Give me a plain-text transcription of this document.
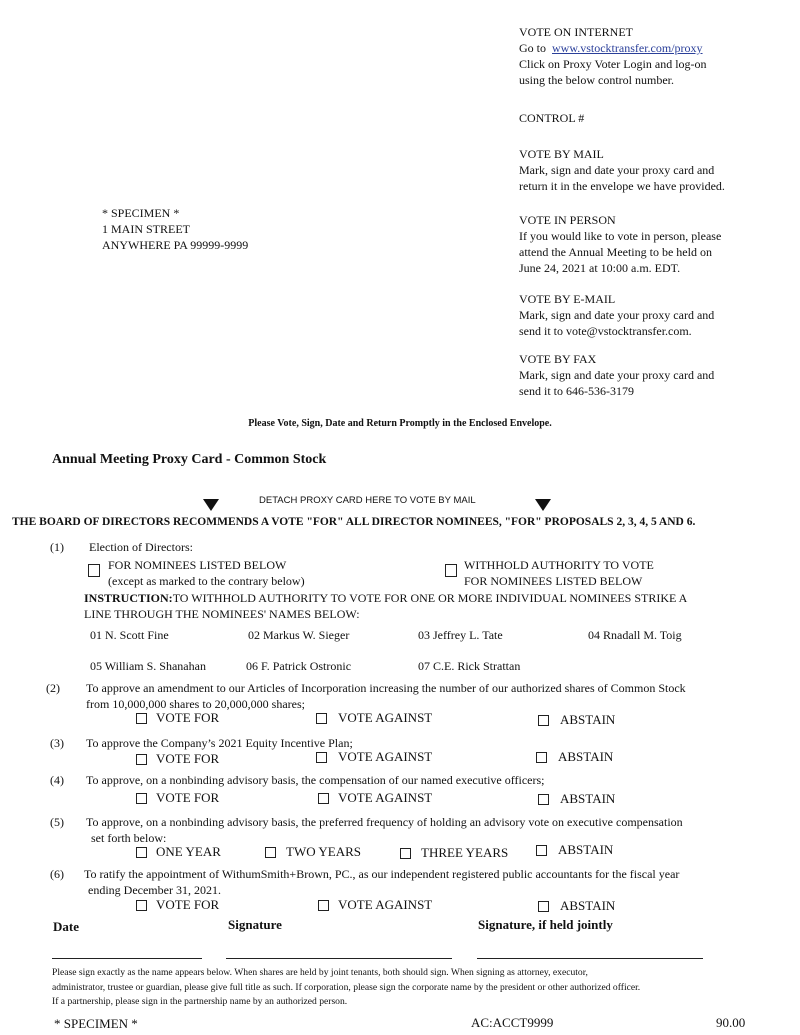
VOTE ON INTERNET
Go to www.vstocktransfer.com/proxy
Click on Proxy Voter Login and log-on
using the below control number.
CONTROL #
VOTE BY MAIL
Mark, sign and date your proxy card and
return it in the envelope we have provided.
VOTE IN PERSON
If you would like to vote in person, please
attend the Annual Meeting to be held on
June 24, 2021 at 10:00 a.m. EDT.
VOTE BY E-MAIL
Mark, sign and date your proxy card and
send it to vote@vstocktransfer.com.
VOTE BY FAX
Mark, sign and date your proxy card and
send it to 646-536-3179
* SPECIMEN *
1 MAIN STREET
ANYWHERE PA 99999-9999
Please Vote, Sign, Date and Return Promptly in the Enclosed Envelope.
Annual Meeting Proxy Card - Common Stock
DETACH PROXY CARD HERE TO VOTE BY MAIL
THE BOARD OF DIRECTORS RECOMMENDS A VOTE "FOR" ALL DIRECTOR NOMINEES, "FOR" PROPOSALS 2, 3, 4, 5 AND 6.
(1) Election of Directors:
FOR NOMINEES LISTED BELOW
(except as marked to the contrary below)
WITHHOLD AUTHORITY TO VOTE
FOR NOMINEES LISTED BELOW
INSTRUCTION:TO WITHHOLD AUTHORITY TO VOTE FOR ONE OR MORE INDIVIDUAL NOMINEES STRIKE A
LINE THROUGH THE NOMINEES' NAMES BELOW:
01 N. Scott Fine	02 Markus W. Sieger	03 Jeffrey L. Tate	04 Rnadall M. Toig
05 William S. Shanahan	06 F. Patrick Ostronic	07 C.E. Rick Strattan
(2) To approve an amendment to our Articles of Incorporation increasing the number of our authorized shares of Common Stock
from 10,000,000 shares to 20,000,000 shares;
VOTE FOR	VOTE AGAINST	ABSTAIN
(3) To approve the Company’s 2021 Equity Incentive Plan;
VOTE FOR	VOTE AGAINST	ABSTAIN
(4) To approve, on a nonbinding advisory basis, the compensation of our named executive officers;
VOTE FOR	VOTE AGAINST	ABSTAIN
(5) To approve, on a nonbinding advisory basis, the preferred frequency of holding an advisory vote on executive compensation
set forth below:
ONE YEAR	TWO YEARS	THREE YEARS	ABSTAIN
(6) To ratify the appointment of WithumSmith+Brown, PC., as our independent registered public accountants for the fiscal year
ending December 31, 2021.
VOTE FOR	VOTE AGAINST	ABSTAIN
Date	Signature	Signature, if held jointly
Please sign exactly as the name appears below. When shares are held by joint tenants, both should sign. When signing as attorney, executor,
administrator, trustee or guardian, please give full title as such. If corporation, please sign the corporate name by the president or other authorized officer.
If a partnership, please sign in the partnership name by an authorized person.
* SPECIMEN *	AC:ACCT9999	90.00
